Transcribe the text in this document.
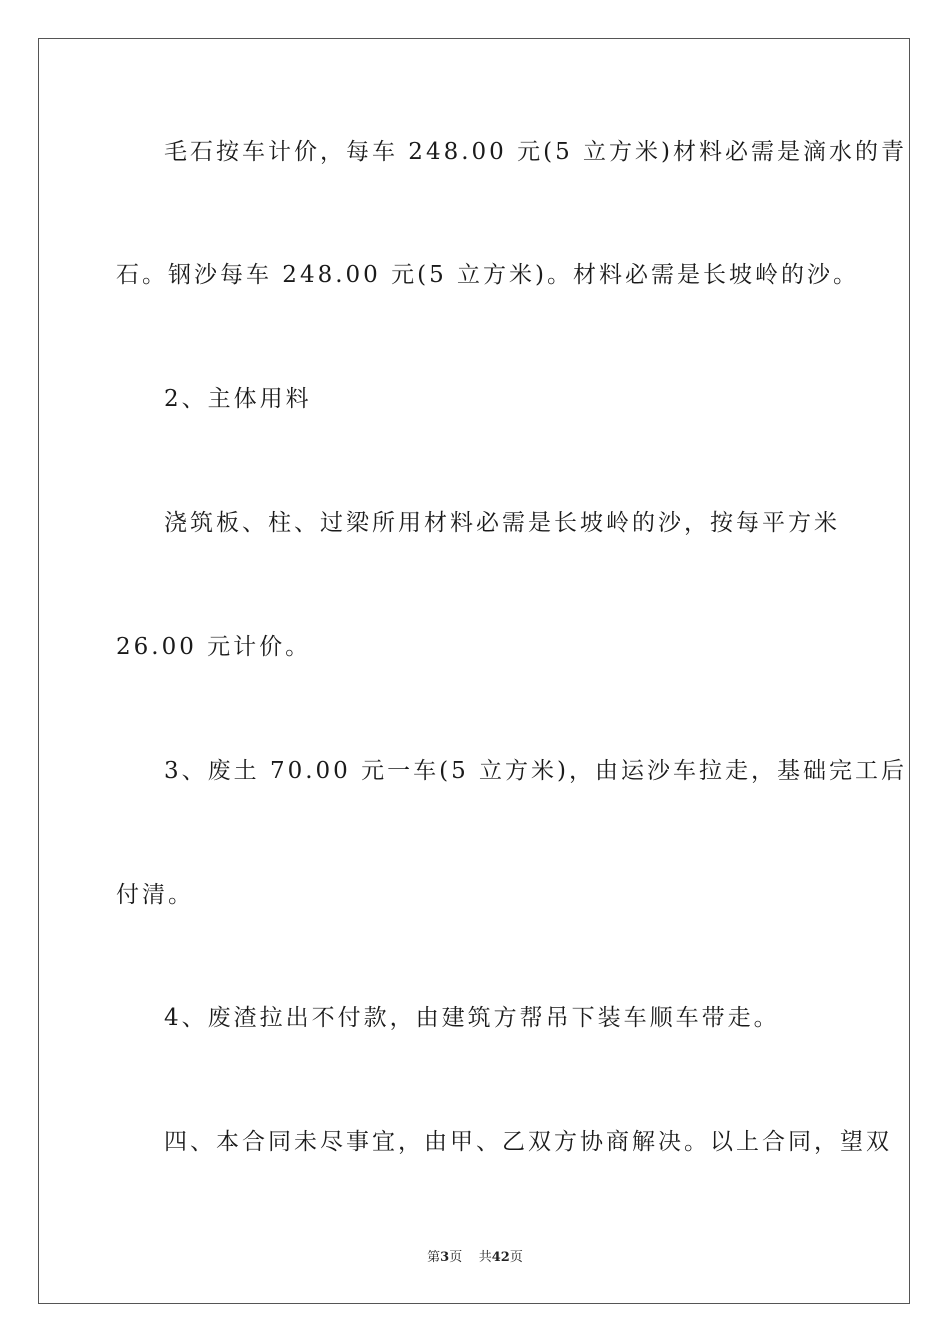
毛石按车计价，每车 248.00 元(5 立方米)材料必需是滴水的青
石。钢沙每车 248.00 元(5 立方米)。材料必需是长坡岭的沙。
2、主体用料
浇筑板、柱、过梁所用材料必需是长坡岭的沙，按每平方米
26.00 元计价。
3、废土 70.00 元一车(5 立方米)，由运沙车拉走，基础完工后
付清。
4、废渣拉出不付款，由建筑方帮吊下装车顺车带走。
四、本合同未尽事宜，由甲、乙双方协商解决。以上合同，望双
第3页 共42页
